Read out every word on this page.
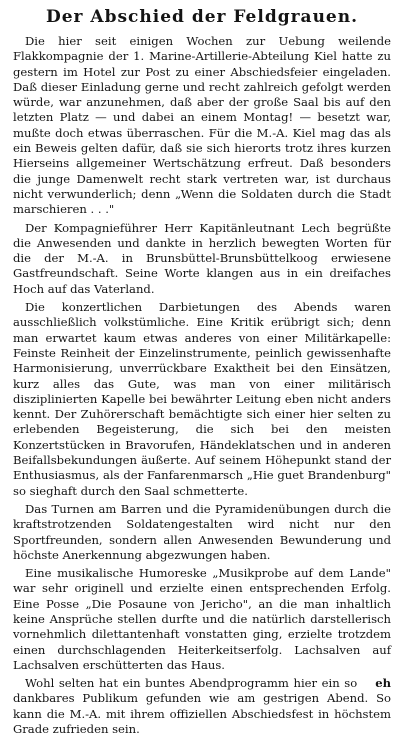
Der Abschied der Feldgrauen.

Die hier seit einigen Wochen zur Uebung weilende Flakkompagnie der 1. Marine-Artillerie-Abteilung Kiel hatte zu gestern im Hotel zur Post zu einer Abschiedsfeier eingeladen. Daß dieser Einladung gerne und recht zahlreich gefolgt werden würde, war anzunehmen, daß aber der große Saal bis auf den letzten Platz — und dabei an einem Montag! — besetzt war, mußte doch etwas überraschen. Für die M.-A. Kiel mag das als ein Beweis gelten dafür, daß sie sich hierorts trotz ihres kurzen Hierseins allgemeiner Wertschätzung erfreut. Daß besonders die junge Damenwelt recht stark vertreten war, ist durchaus nicht verwunderlich; denn „Wenn die Soldaten durch die Stadt marschieren . . ."

Der Kompagnieführer Herr Kapitänleutnant Lech begrüßte die Anwesenden und dankte in herzlich bewegten Worten für die der M.-A. in Brunsbüttel-Brunsbüttelkoog erwiesene Gastfreundschaft. Seine Worte klangen aus in ein dreifaches Hoch auf das Vaterland.

Die konzertlichen Darbietungen des Abends waren ausschließlich volkstümliche. Eine Kritik erübrigt sich; denn man erwartet kaum etwas anderes von einer Militärkapelle: Feinste Reinheit der Einzelinstrumente, peinlich gewissenhafte Harmonisierung, unverrückbare Exaktheit bei den Einsätzen, kurz alles das Gute, was man von einer militärisch disziplinierten Kapelle bei bewährter Leitung eben nicht anders kennt. Der Zuhörerschaft bemächtigte sich einer hier selten zu erlebenden Begeisterung, die sich bei den meisten Konzertstücken in Bravorufen, Händeklatschen und in anderen Beifallsbekundungen äußerte. Auf seinem Höhepunkt stand der Enthusiasmus, als der Fanfarenmarsch „Hie guet Brandenburg" so sieghaft durch den Saal schmetterte.

Das Turnen am Barren und die Pyramidenübungen durch die kraftstrotzenden Soldatengestalten wird nicht nur den Sportfreunden, sondern allen Anwesenden Bewunderung und höchste Anerkennung abgezwungen haben.

Eine musikalische Humoreske „Musikprobe auf dem Lande" war sehr originell und erzielte einen entsprechenden Erfolg. Eine Posse „Die Posaune von Jericho", an die man inhaltlich keine Ansprüche stellen durfte und die natürlich darstellerisch vornehmlich dilettantenhaft vonstatten ging, erzielte trotzdem einen durchschlagenden Heiterkeitserfolg. Lachsalven auf Lachsalven erschütterten das Haus.

eh
Wohl selten hat ein buntes Abendprogramm hier ein so dankbares Publikum gefunden wie am gestrigen Abend. So kann die M.-A. mit ihrem offiziellen Abschiedsfest in höchstem Grade zufrieden sein.
